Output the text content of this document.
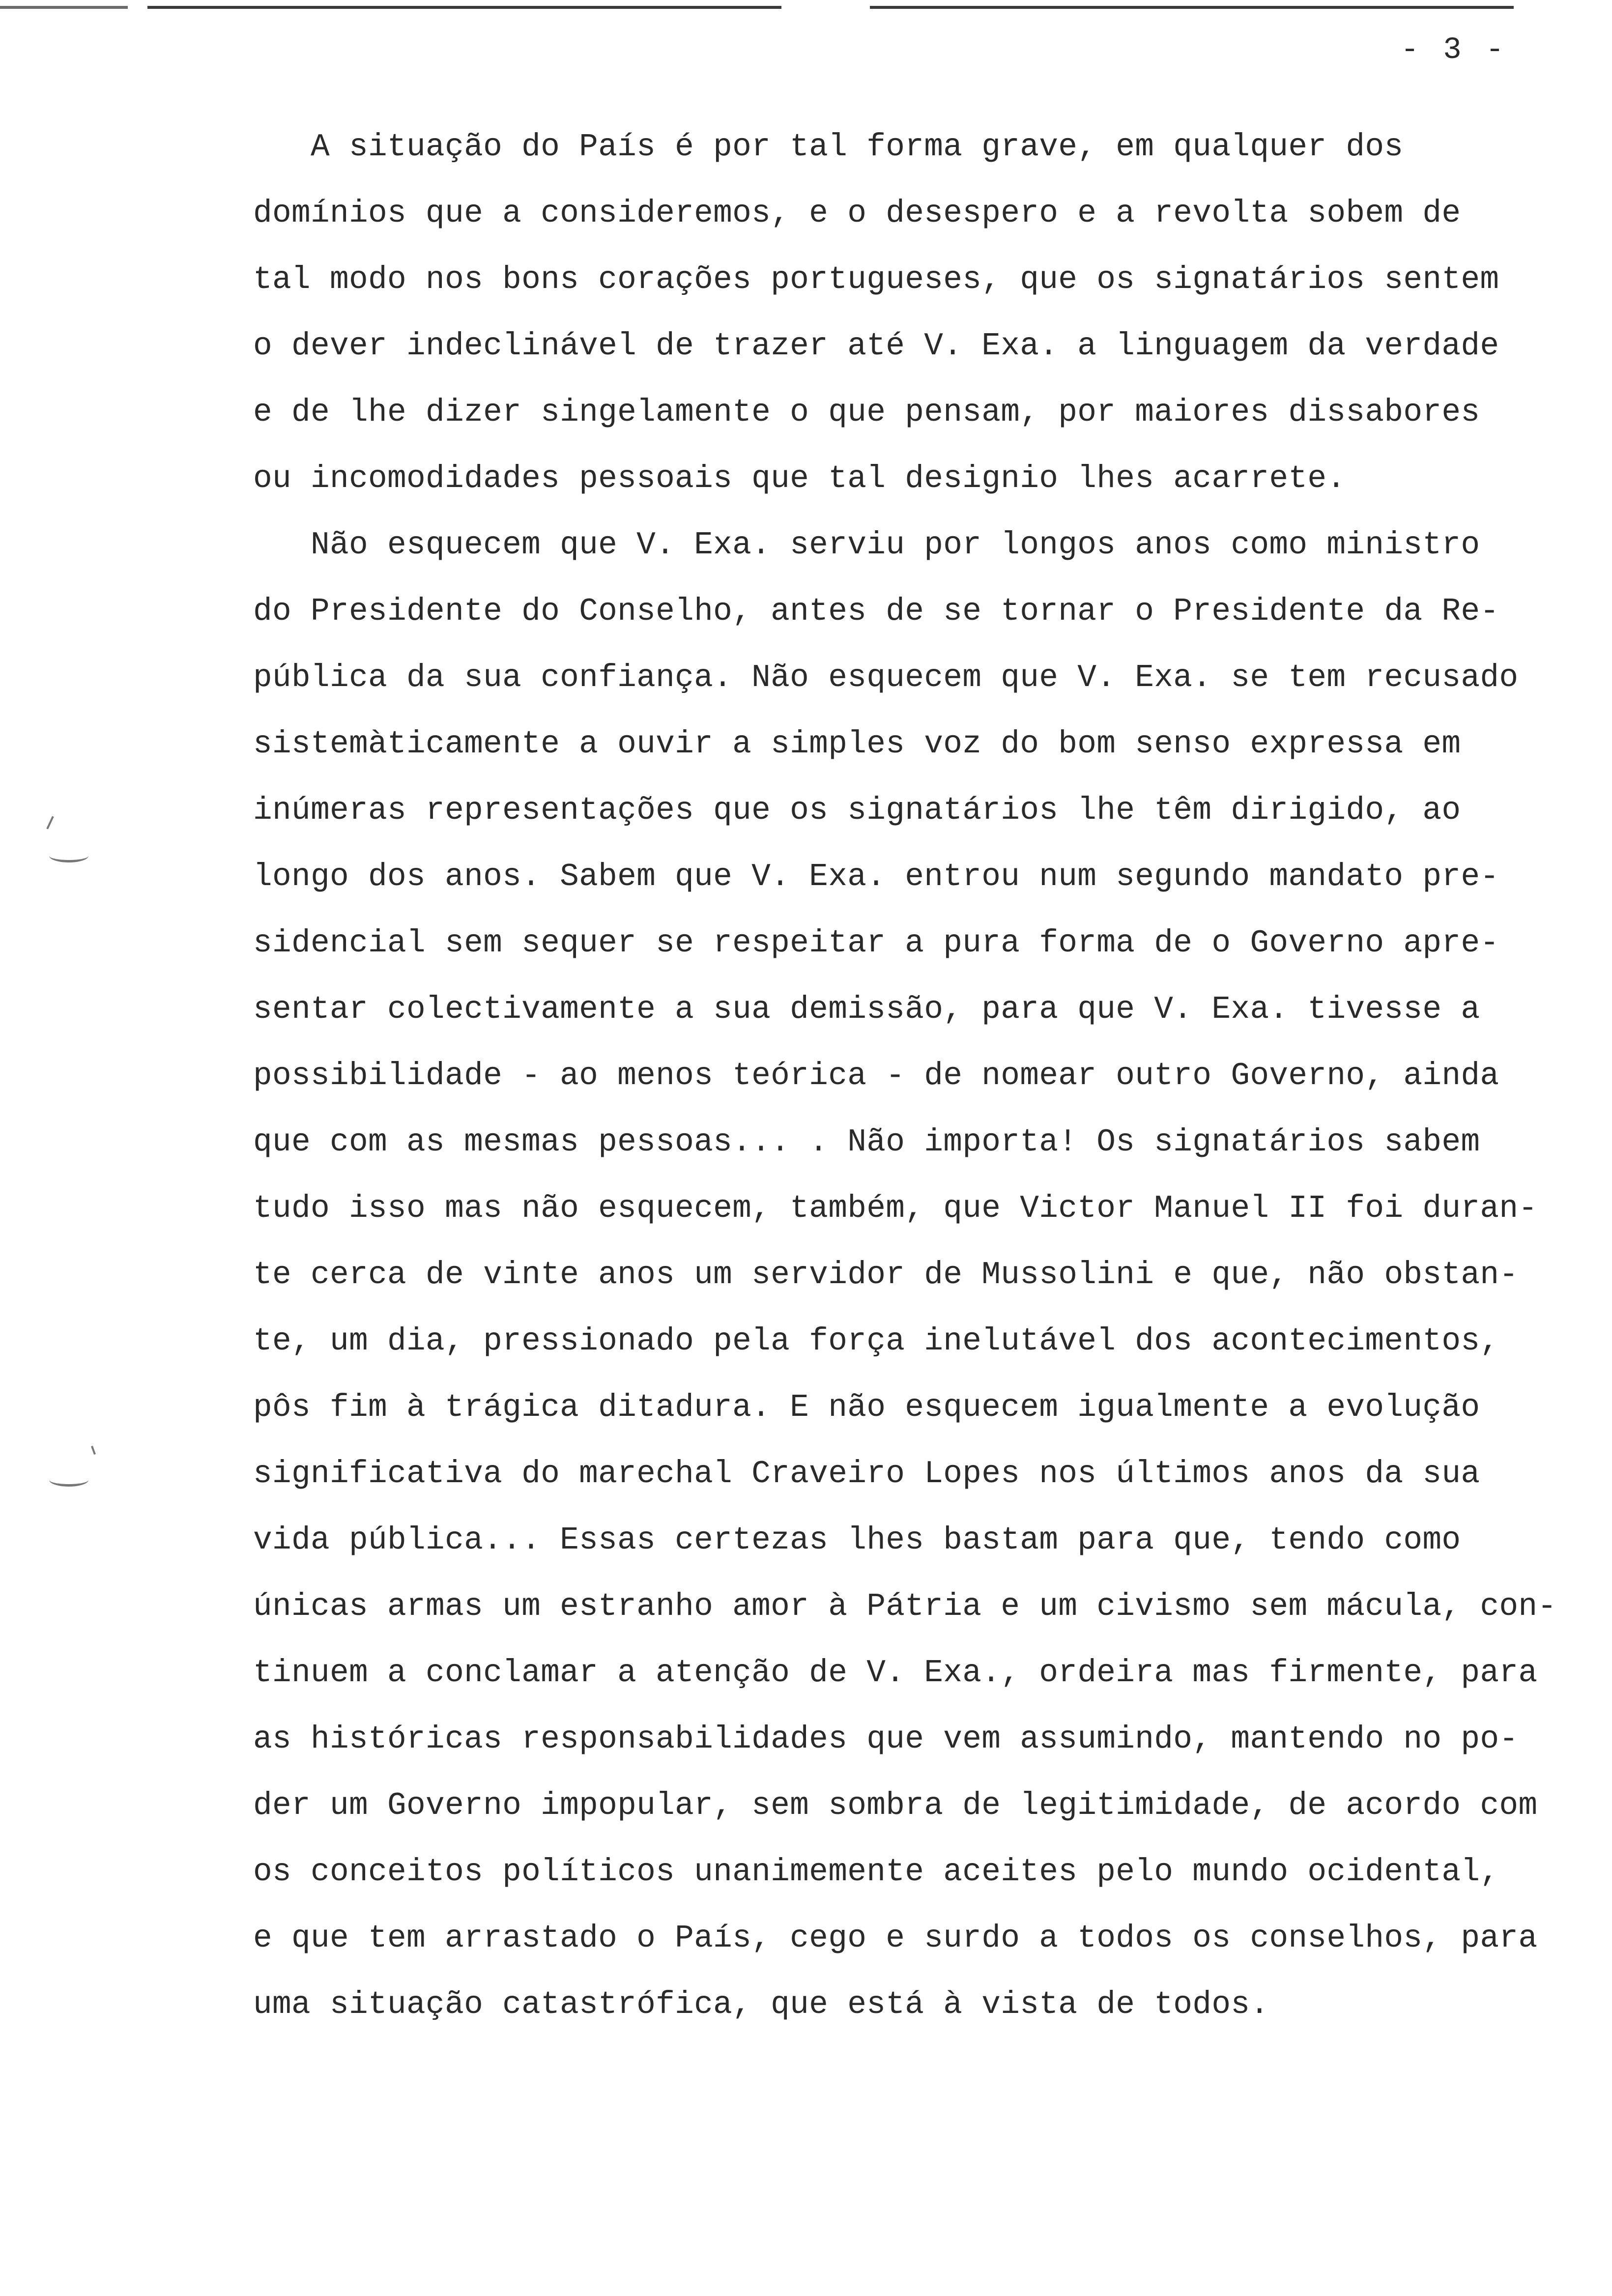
- 3 -
A situação do País é por tal forma grave, em qualquer dos
domínios que a consideremos, e o desespero e a revolta sobem de
tal modo nos bons corações portugueses, que os signatários sentem
o dever indeclinável de trazer até V. Exa. a linguagem da verdade
e de lhe dizer singelamente o que pensam, por maiores dissabores
ou incomodidades pessoais que tal designio lhes acarrete.
Não esquecem que V. Exa. serviu por longos anos como ministro
do Presidente do Conselho, antes de se tornar o Presidente da Re-
pública da sua confiança. Não esquecem que V. Exa. se tem recusado
sistemàticamente a ouvir a simples voz do bom senso expressa em
inúmeras representações que os signatários lhe têm dirigido, ao
longo dos anos. Sabem que V. Exa. entrou num segundo mandato pre-
sidencial sem sequer se respeitar a pura forma de o Governo apre-
sentar colectivamente a sua demissão, para que V. Exa. tivesse a
possibilidade - ao menos teórica - de nomear outro Governo, ainda
que com as mesmas pessoas... . Não importa! Os signatários sabem
tudo isso mas não esquecem, também, que Victor Manuel II foi duran-
te cerca de vinte anos um servidor de Mussolini e que, não obstan-
te, um dia, pressionado pela força inelutável dos acontecimentos,
pôs fim à trágica ditadura. E não esquecem igualmente a evolução
significativa do marechal Craveiro Lopes nos últimos anos da sua
vida pública... Essas certezas lhes bastam para que, tendo como
únicas armas um estranho amor à Pátria e um civismo sem mácula, con-
tinuem a conclamar a atenção de V. Exa., ordeira mas firmente, para
as históricas responsabilidades que vem assumindo, mantendo no po-
der um Governo impopular, sem sombra de legitimidade, de acordo com
os conceitos políticos unanimemente aceites pelo mundo ocidental,
e que tem arrastado o País, cego e surdo a todos os conselhos, para
uma situação catastrófica, que está à vista de todos.
